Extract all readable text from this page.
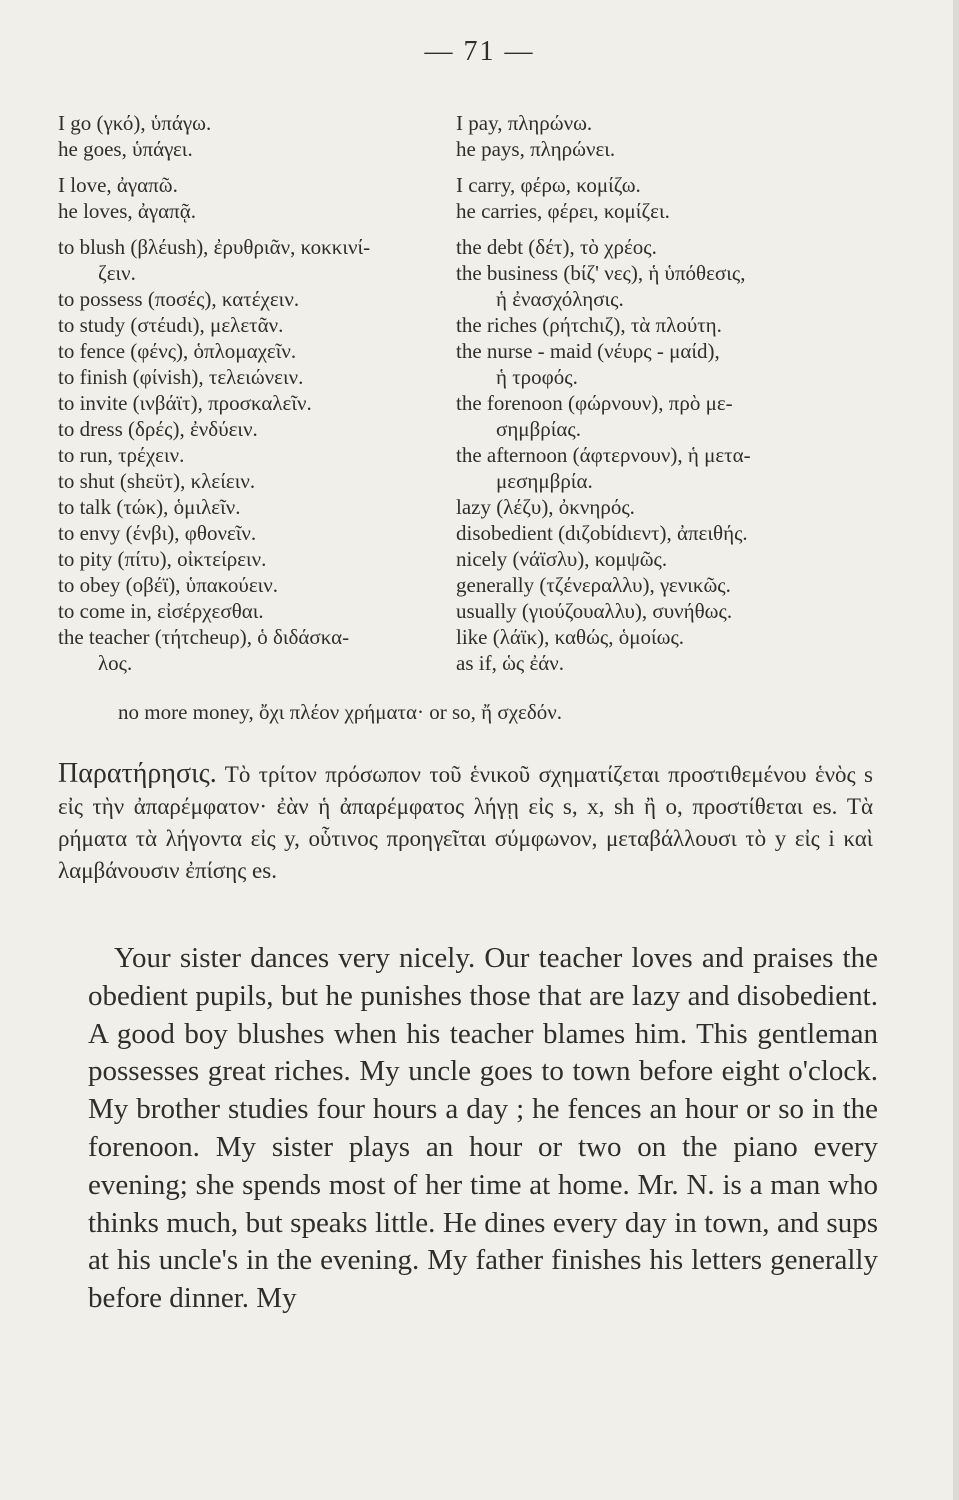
— 71 —

I go (γκό), ὑπάγω.

he goes, ὑπάγει.

I love, ἀγαπῶ.

he loves, ἀγαπᾷ.

to blush (βλέush), ἐρυθριᾶν, κοκκινί-

ζειν.

to possess (ποσές), κατέχειν.

to study (στέudι), μελετᾶν.

to fence (φένς), ὁπλομαχεῖν.

to finish (φίνish), τελειώνειν.

to invite (ινβάϊτ), προσκαλεῖν.

to dress (δρές), ἐνδύειν.

to run, τρέχειν.

to shut (shεϋτ), κλείειν.

to talk (τώκ), ὁμιλεῖν.

to envy (ένβι), φθονεῖν.

to pity (πίτυ), οἰκτείρειν.

to obey (οβέϊ), ὑπακούειν.

to come in, εἰσέρχεσθαι.

the teacher (τήτcheuρ), ὁ διδάσκα-

λος.

I pay, πληρώνω.

he pays, πληρώνει.

I carry, φέρω, κομίζω.

he carries, φέρει, κομίζει.

the debt (δέτ), τὸ χρέος.

the business (bίζ' νες), ἡ ὑπόθεσις,

ἡ ἐνασχόλησις.

the riches (ρήτchιζ), τὰ πλούτη.

the nurse - maid (νέυρς - μαίd),

ἡ τροφός.

the forenoon (φώρνουν), πρὸ με-

σημβρίας.

the afternoon (άφτερνουν), ἡ μετα-

μεσημβρία.

lazy (λέζυ), ὀκνηρός.

disobedient (dιζobίdιεντ), ἀπειθής.

nicely (νάϊσλυ), κομψῶς.

generally (τζένεραλλυ), γενικῶς.

usually (γιούζουαλλυ), συνήθως.

like (λάϊκ), καθώς, ὁμοίως.

as if, ὡς ἐάν.

no more money, ὄχι πλέον χρήματα· or so, ἤ σχεδόν.
Παρατήρησις. Τὸ τρίτον πρόσωπον τοῦ ἑνικοῦ σχηματίζεται προστιθεμένου ἑνὸς s εἰς τὴν ἀπαρέμφατον· ἐὰν ἡ ἀπαρέμφατος λήγῃ εἰς s, x, sh ἢ o, προστίθεται es. Τὰ ρήματα τὰ λήγοντα εἰς y, οὗτινος προηγεῖται σύμφωνον, μεταβάλλουσι τὸ y εἰς i καὶ λαμβάνουσιν ἐπίσης es.

Your sister dances very nicely. Our teacher loves and praises the obedient pupils, but he punishes those that are lazy and disobedient. A good boy blushes when his teacher blames him. This gentleman possesses great riches. My uncle goes to town before eight o'clock. My brother studies four hours a day ; he fences an hour or so in the forenoon. My sister plays an hour or two on the piano every evening; she spends most of her time at home. Mr. N. is a man who thinks much, but speaks little. He dines every day in town, and sups at his uncle's in the evening. My father finishes his letters generally before dinner. My
